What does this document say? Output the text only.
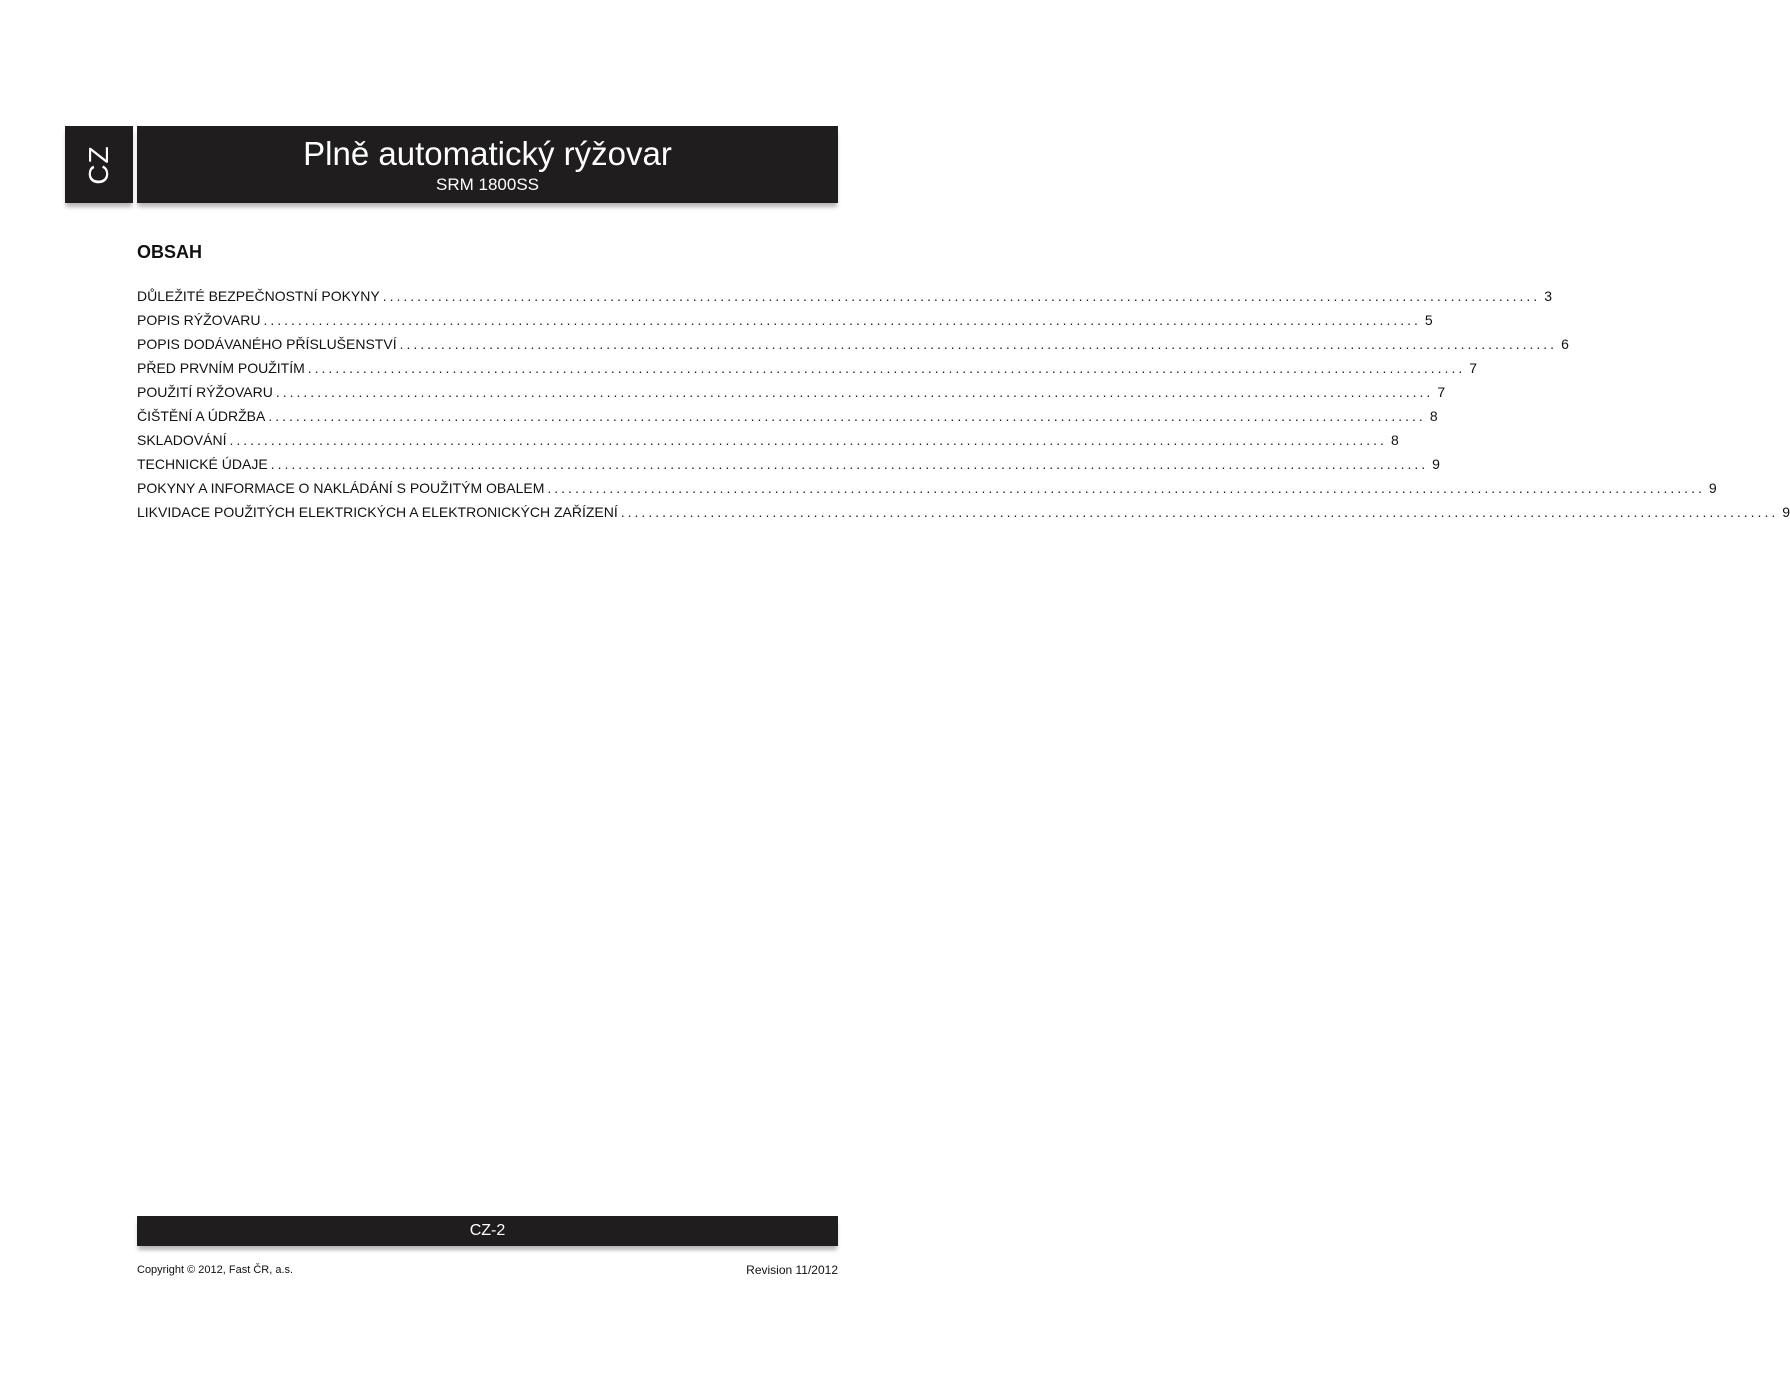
CZ	Plně automatický rýžovar
SRM 1800SS
OBSAH
DŮLEŽITÉ BEZPEČNOSTNÍ POKYNY ........................................................................................................................................................................ 3
POPIS RÝŽOVARU ........................................................................................................................................................................ 5
POPIS DODÁVANÉHO PŘÍSLUŠENSTVÍ ........................................................................................................................................................................ 6
PŘED PRVNÍM POUŽITÍM ........................................................................................................................................................................ 7
POUŽITÍ RÝŽOVARU ........................................................................................................................................................................ 7
ČIŠTĚNÍ A ÚDRŽBA ........................................................................................................................................................................ 8
SKLADOVÁNÍ ........................................................................................................................................................................ 8
TECHNICKÉ ÚDAJE ........................................................................................................................................................................ 9
POKYNY A INFORMACE O NAKLÁDÁNÍ S POUŽITÝM OBALEM ........................................................................................................................................................................ 9
LIKVIDACE POUŽITÝCH ELEKTRICKÝCH A ELEKTRONICKÝCH ZAŘÍZENÍ ........................................................................................................................................................................ 9
CZ-2
Copyright © 2012, Fast ČR, a.s.	Revision 11/2012
